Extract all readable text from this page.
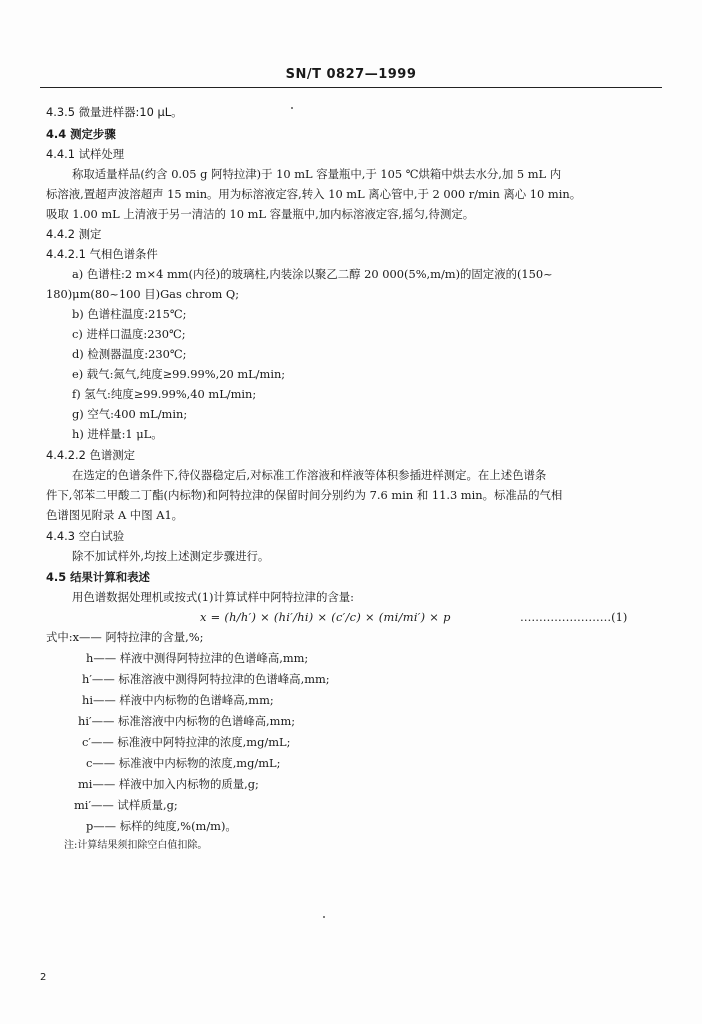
SN/T 0827—1999
4.3.5 微量进样器:10 μL。
4.4 测定步骤
4.4.1 试样处理
称取适量样品(约含 0.05 g 阿特拉津)于 10 mL 容量瓶中,于 105 ℃烘箱中烘去水分,加 5 mL 内
标溶液,置超声波溶超声 15 min。用为标溶液定容,转入 10 mL 离心管中,于 2 000 r/min 离心 10 min。
吸取 1.00 mL 上清液于另一清洁的 10 mL 容量瓶中,加内标溶液定容,摇匀,待测定。
4.4.2 测定
4.4.2.1 气相色谱条件
a) 色谱柱:2 m×4 mm(内径)的玻璃柱,内装涂以聚乙二醇 20 000(5%,m/m)的固定液的(150~
180)μm(80~100 目)Gas chrom Q;
b) 色谱柱温度:215℃;
c) 进样口温度:230℃;
d) 检测器温度:230℃;
e) 载气:氮气,纯度≥99.99%,20 mL/min;
f) 氢气:纯度≥99.99%,40 mL/min;
g) 空气:400 mL/min;
h) 进样量:1 μL。
4.4.2.2 色谱测定
在选定的色谱条件下,待仪器稳定后,对标准工作溶液和样液等体积参插进样测定。在上述色谱条
件下,邻苯二甲酸二丁酯(内标物)和阿特拉津的保留时间分别约为 7.6 min 和 11.3 min。标准品的气相
色谱图见附录 A 中图 A1。
4.4.3 空白试验
除不加试样外,均按上述测定步骤进行。
4.5 结果计算和表述
用色谱数据处理机或按式(1)计算试样中阿特拉津的含量:
x = (h/h′) × (hi′/hi) × (c′/c) × (mi/mi′) × p	……………………(1)
式中:x—— 阿特拉津的含量,%;
h—— 样液中测得阿特拉津的色谱峰高,mm;
h′—— 标准溶液中测得阿特拉津的色谱峰高,mm;
hi—— 样液中内标物的色谱峰高,mm;
hi′—— 标准溶液中内标物的色谱峰高,mm;
c′—— 标准液中阿特拉津的浓度,mg/mL;
c—— 标准液中内标物的浓度,mg/mL;
mi—— 样液中加入内标物的质量,g;
mi′—— 试样质量,g;
p—— 标样的纯度,%(m/m)。
注:计算结果须扣除空白值扣除。
2
